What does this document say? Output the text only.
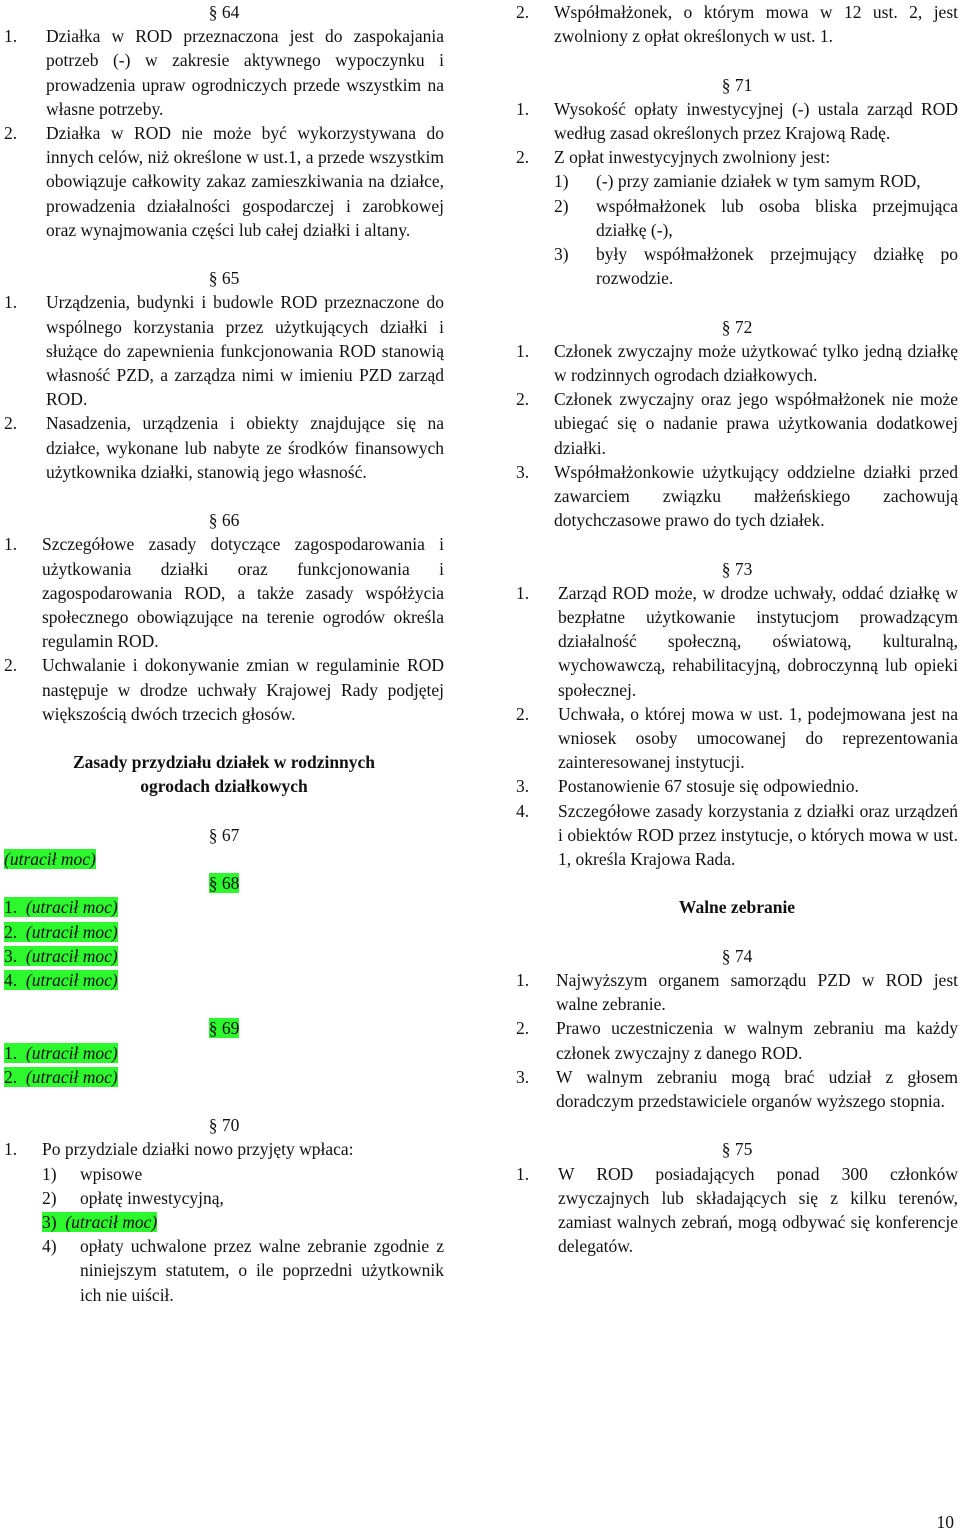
§ 64

1.	Działka w ROD przeznaczona jest do zaspokajania potrzeb (-) w zakresie aktywnego wypoczynku i prowadzenia upraw ogrodniczych przede wszystkim na własne potrzeby.
2.	Działka w ROD nie może być wykorzystywana do innych celów, niż określone w ust.1, a przede wszystkim obowiązuje całkowity zakaz zamieszkiwania na działce, prowadzenia działalności gospodarczej i zarobkowej oraz wynajmowania części lub całej działki i altany.

§ 65

1.	Urządzenia, budynki i budowle ROD przeznaczone do wspólnego korzystania przez użytkujących działki i służące do zapewnienia funkcjonowania ROD stanowią własność PZD, a zarządza nimi w imieniu PZD zarząd ROD.
2.	Nasadzenia, urządzenia i obiekty znajdujące się na działce, wykonane lub nabyte ze środków finansowych użytkownika działki, stanowią jego własność.

§ 66

1.	Szczegółowe zasady dotyczące zagospodarowania i użytkowania działki oraz funkcjonowania i zagospodarowania ROD, a także zasady współżycia społecznego obowiązujące na terenie ogrodów określa regulamin ROD.
2.	Uchwalanie i dokonywanie zmian w regulaminie ROD następuje w drodze uchwały Krajowej Rady podjętej większością dwóch trzecich głosów.
Zasady przydziału działek w rodzinnych
ogrodach działkowych

§ 67

(utracił moc)

§ 68

1. (utracił moc)
2. (utracił moc)
3. (utracił moc)
4. (utracił moc)

§ 69

1. (utracił moc)
2. (utracił moc)

§ 70

1.	Po przydziale działki nowo przyjęty wpłaca:
1)	wpisowe
2)	opłatę inwestycyjną,
3) (utracił moc)
4)	opłaty uchwalone przez walne zebranie zgodnie z niniejszym statutem, o ile poprzedni użytkownik ich nie uiścił.
2.	Współmałżonek, o którym mowa w 12 ust. 2, jest zwolniony z opłat określonych w ust. 1.

§ 71

1.	Wysokość opłaty inwestycyjnej (-) ustala zarząd ROD według zasad określonych przez Krajową Radę.
2.	Z opłat inwestycyjnych zwolniony jest:
1)	(-) przy zamianie działek w tym samym ROD,
2)	współmałżonek lub osoba bliska przejmująca działkę (-),
3)	były współmałżonek przejmujący działkę po rozwodzie.

§ 72

1.	Członek zwyczajny może użytkować tylko jedną działkę w rodzinnych ogrodach działkowych.
2.	Członek zwyczajny oraz jego współmałżonek nie może ubiegać się o nadanie prawa użytkowania dodatkowej działki.
3.	Współmałżonkowie użytkujący oddzielne działki przed zawarciem związku małżeńskiego zachowują dotychczasowe prawo do tych działek.

§ 73

1.	Zarząd ROD może, w drodze uchwały, oddać działkę w bezpłatne użytkowanie instytucjom prowadzącym działalność społeczną, oświatową, kulturalną, wychowawczą, rehabilitacyjną, dobroczynną lub opieki społecznej.
2.	Uchwała, o której mowa w ust. 1, podejmowana jest na wniosek osoby umocowanej do reprezentowania zainteresowanej instytucji.
3.	Postanowienie 67 stosuje się odpowiednio.
4.	Szczegółowe zasady korzystania z działki oraz urządzeń i obiektów ROD przez instytucje, o których mowa w ust. 1, określa Krajowa Rada.
Walne zebranie

§ 74

1.	Najwyższym organem samorządu PZD w ROD jest walne zebranie.
2.	Prawo uczestniczenia w walnym zebraniu ma każdy członek zwyczajny z danego ROD.
3.	W walnym zebraniu mogą brać udział z głosem doradczym przedstawiciele organów wyższego stopnia.

§ 75

1.	W ROD posiadających ponad 300 członków zwyczajnych lub składających się z kilku terenów, zamiast walnych zebrań, mogą odbywać się konferencje delegatów.
10
